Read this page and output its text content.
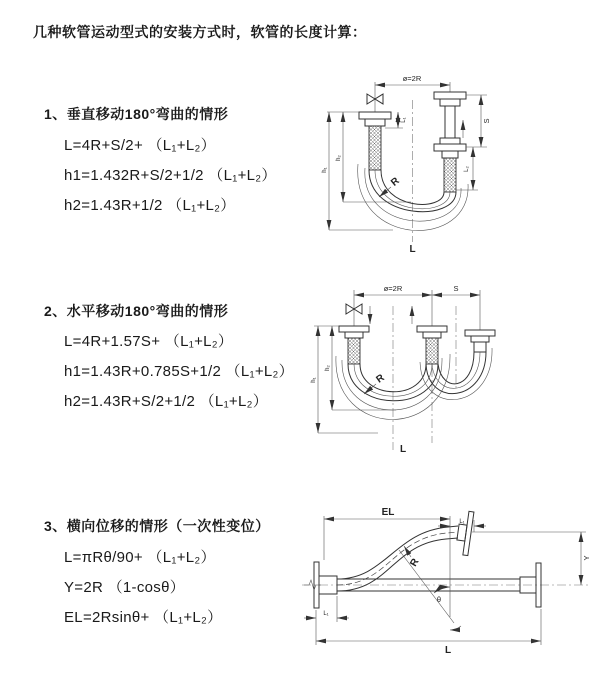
几种软管运动型式的安装方式时，软管的长度计算：
1、垂直移动180°弯曲的情形
L=4R+S/2+ （L₁+L₂）
h1=1.432R+S/2+1/2 （L₁+L₂）
h2=1.43R+1/2 （L₁+L₂）
ø=2R
S
L₂
L₁
h₂
h₁
R
L
2、水平移动180°弯曲的情形
L=4R+1.57S+ （L₁+L₂）
h1=1.43R+0.785S+1/2 （L₁+L₂）
h2=1.43R+S/2+1/2 （L₁+L₂）
ø=2R	S
h₂
h₁	R
L
3、横向位移的情形（一次性变位）
L=πRθ/90+ （L₁+L₂）
Y=2R （1-cosθ）
EL=2Rsinθ+ （L₁+L₂）
EL
L₁
Y
R
θ
L
L₁
